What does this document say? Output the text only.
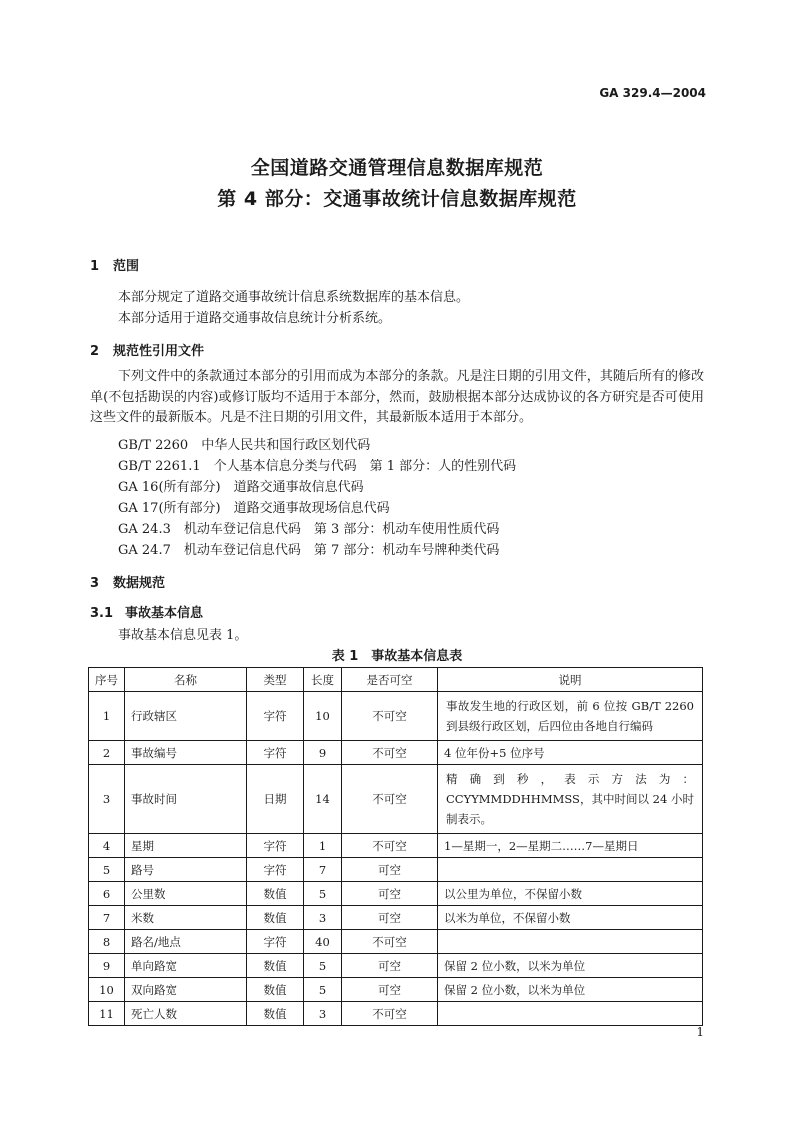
GA 329.4—2004
全国道路交通管理信息数据库规范
第 4 部分：交通事故统计信息数据库规范
1 范围
本部分规定了道路交通事故统计信息系统数据库的基本信息。
本部分适用于道路交通事故信息统计分析系统。
2 规范性引用文件
下列文件中的条款通过本部分的引用而成为本部分的条款。凡是注日期的引用文件，其随后所有的修改单(不包括勘误的内容)或修订版均不适用于本部分，然而，鼓励根据本部分达成协议的各方研究是否可使用这些文件的最新版本。凡是不注日期的引用文件，其最新版本适用于本部分。
GB/T 2260　中华人民共和国行政区划代码
GB/T 2261.1　个人基本信息分类与代码　第 1 部分：人的性别代码
GA 16(所有部分)　道路交通事故信息代码
GA 17(所有部分)　道路交通事故现场信息代码
GA 24.3　机动车登记信息代码　第 3 部分：机动车使用性质代码
GA 24.7　机动车登记信息代码　第 7 部分：机动车号牌种类代码
3 数据规范
3.1 事故基本信息
事故基本信息见表 1。
表 1　事故基本信息表
序号	名称	类型	长度	是否可空	说明
1	行政辖区	字符	10	不可空	事故发生地的行政区划，前 6 位按 GB/T 2260 到县级行政区划，后四位由各地自行编码
2	事故编号	字符	9	不可空	4 位年份+5 位序号
3	事故时间	日期	14	不可空	精确到秒，表示方法为：CCYYMMDDHHMMSS，其中时间以 24 小时制表示。
4	星期	字符	1	不可空	1—星期一，2—星期二……7—星期日
5	路号	字符	7	可空	
6	公里数	数值	5	可空	以公里为单位，不保留小数
7	米数	数值	3	可空	以米为单位，不保留小数
8	路名/地点	字符	40	不可空	
9	单向路宽	数值	5	可空	保留 2 位小数，以米为单位
10	双向路宽	数值	5	可空	保留 2 位小数，以米为单位
11	死亡人数	数值	3	不可空	
1
